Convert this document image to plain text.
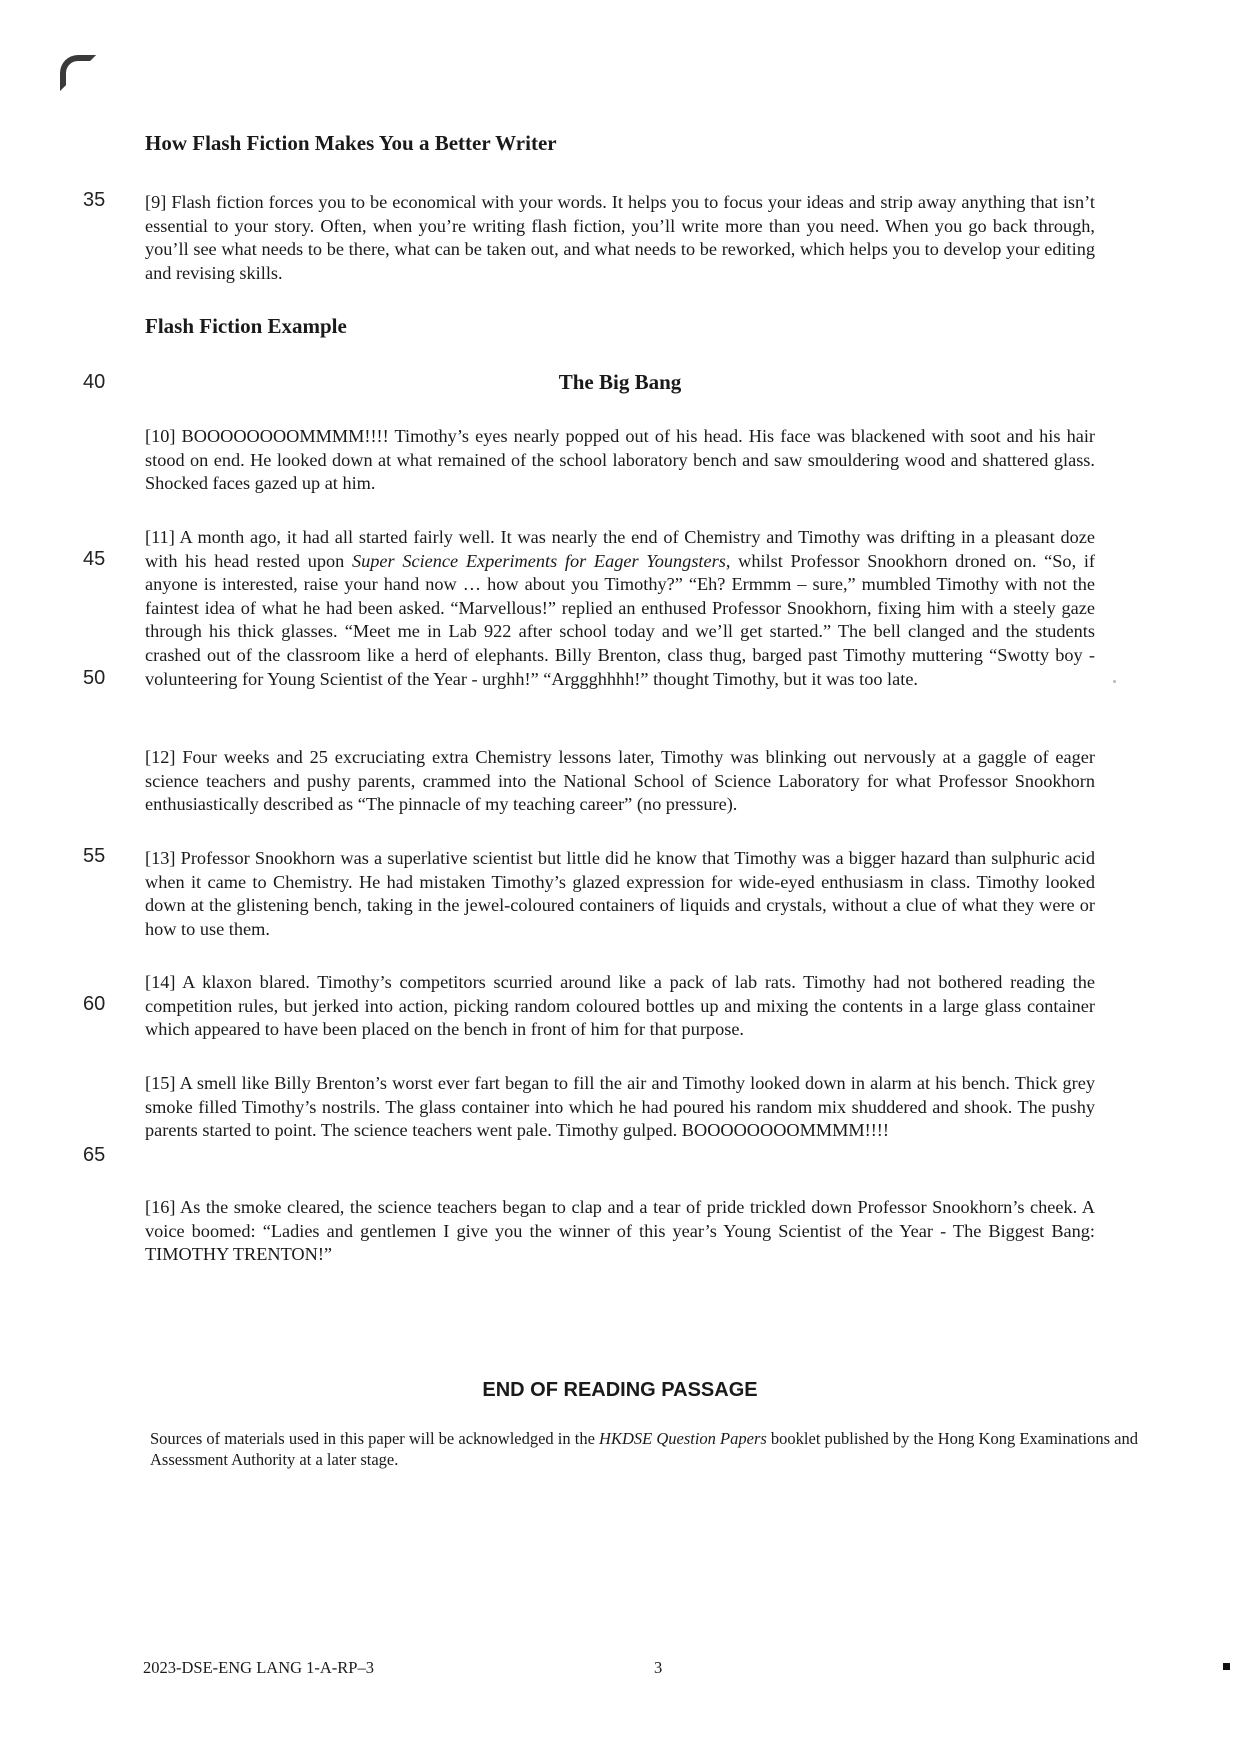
How Flash Fiction Makes You a Better Writer
35 [9] Flash fiction forces you to be economical with your words. It helps you to focus your ideas and strip away anything that isn’t essential to your story. Often, when you’re writing flash fiction, you’ll write more than you need. When you go back through, you’ll see what needs to be there, what can be taken out, and what needs to be reworked, which helps you to develop your editing and revising skills.

Flash Fiction Example
40	The Big Bang

[10] BOOOOOOOOMMMM!!!! Timothy’s eyes nearly popped out of his head. His face was blackened with soot and his hair stood on end. He looked down at what remained of the school laboratory bench and saw smouldering wood and shattered glass. Shocked faces gazed up at him.

45

[11] A month ago, it had all started fairly well. It was nearly the end of Chemistry and Timothy was drifting in a pleasant doze with his head rested upon Super Science Experiments for Eager Youngsters, whilst Professor Snookhorn droned on. “So, if anyone is interested, raise your hand now … how about you Timothy?” “Eh? Ermmm – sure,” mumbled Timothy with not the faintest idea of what he had been asked. “Marvellous!” replied an enthused Professor Snookhorn, fixing him with a steely gaze through his thick glasses. “Meet me in Lab 922 after school today and we’ll get started.” The bell clanged and the students crashed out of the classroom like a herd of elephants. Billy Brenton, class thug, barged past Timothy muttering “Swotty boy - volunteering for Young Scientist of the Year - urghh!” “Arggghhhh!” thought Timothy, but it was too late.

50

[12] Four weeks and 25 excruciating extra Chemistry lessons later, Timothy was blinking out nervously at a gaggle of eager science teachers and pushy parents, crammed into the National School of Science Laboratory for what Professor Snookhorn enthusiastically described as “The pinnacle of my teaching career” (no pressure).

55 [13] Professor Snookhorn was a superlative scientist but little did he know that Timothy was a bigger hazard than sulphuric acid when it came to Chemistry. He had mistaken Timothy’s glazed expression for wide-eyed enthusiasm in class. Timothy looked down at the glistening bench, taking in the jewel-coloured containers of liquids and crystals, without a clue of what they were or how to use them.

60

[14] A klaxon blared. Timothy’s competitors scurried around like a pack of lab rats. Timothy had not bothered reading the competition rules, but jerked into action, picking random coloured bottles up and mixing the contents in a large glass container which appeared to have been placed on the bench in front of him for that purpose.

[15] A smell like Billy Brenton’s worst ever fart began to fill the air and Timothy looked down in alarm at his bench. Thick grey smoke filled Timothy’s nostrils. The glass container into which he had poured his random mix shuddered and shook. The pushy parents started to point. The science teachers went pale. Timothy gulped. BOOOOOOOOMMMM!!!!

65

[16] As the smoke cleared, the science teachers began to clap and a tear of pride trickled down Professor Snookhorn’s cheek. A voice boomed: “Ladies and gentlemen I give you the winner of this year’s Young Scientist of the Year - The Biggest Bang: TIMOTHY TRENTON!”

END OF READING PASSAGE
Sources of materials used in this paper will be acknowledged in the HKDSE Question Papers booklet published by the Hong Kong Examinations and Assessment Authority at a later stage.
2023-DSE-ENG LANG 1-A-RP–3	3
